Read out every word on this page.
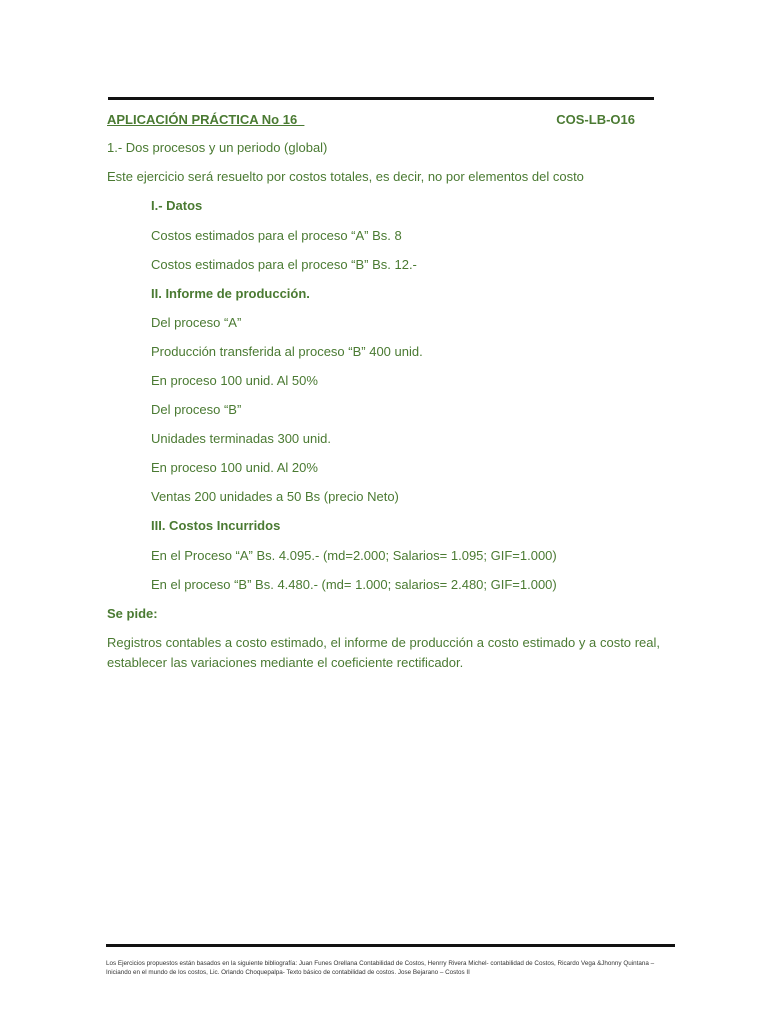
APLICACIÓN PRÁCTICA No 16	COS-LB-O16
1.- Dos procesos y un periodo (global)
Este ejercicio será resuelto por costos totales, es decir, no por elementos del costo
I.- Datos
Costos estimados para el proceso “A” Bs. 8
Costos estimados para el proceso “B” Bs. 12.-
II. Informe de producción.
Del proceso “A”
Producción transferida al proceso “B” 400 unid.
En proceso 100 unid. Al 50%
Del proceso “B”
Unidades terminadas 300 unid.
En proceso 100 unid. Al 20%
Ventas 200 unidades a 50 Bs (precio Neto)
III. Costos Incurridos
En el Proceso “A” Bs. 4.095.- (md=2.000; Salarios= 1.095; GIF=1.000)
En el proceso “B” Bs. 4.480.- (md= 1.000; salarios= 2.480; GIF=1.000)
Se pide:
Registros contables a costo estimado, el informe de producción a costo estimado y a costo real, establecer las variaciones mediante el coeficiente rectificador.
Los Ejercicios propuestos están basados en la siguiente bibliografía: Juan Funes Orellana Contabilidad de Costos, Henrry Rivera Michel- contabilidad de Costos, Ricardo Vega &Jhonny Quintana – Iniciando en el mundo de los costos, Lic. Orlando Choquepalpa- Texto básico de contabilidad de costos. Jose Bejarano – Costos II
